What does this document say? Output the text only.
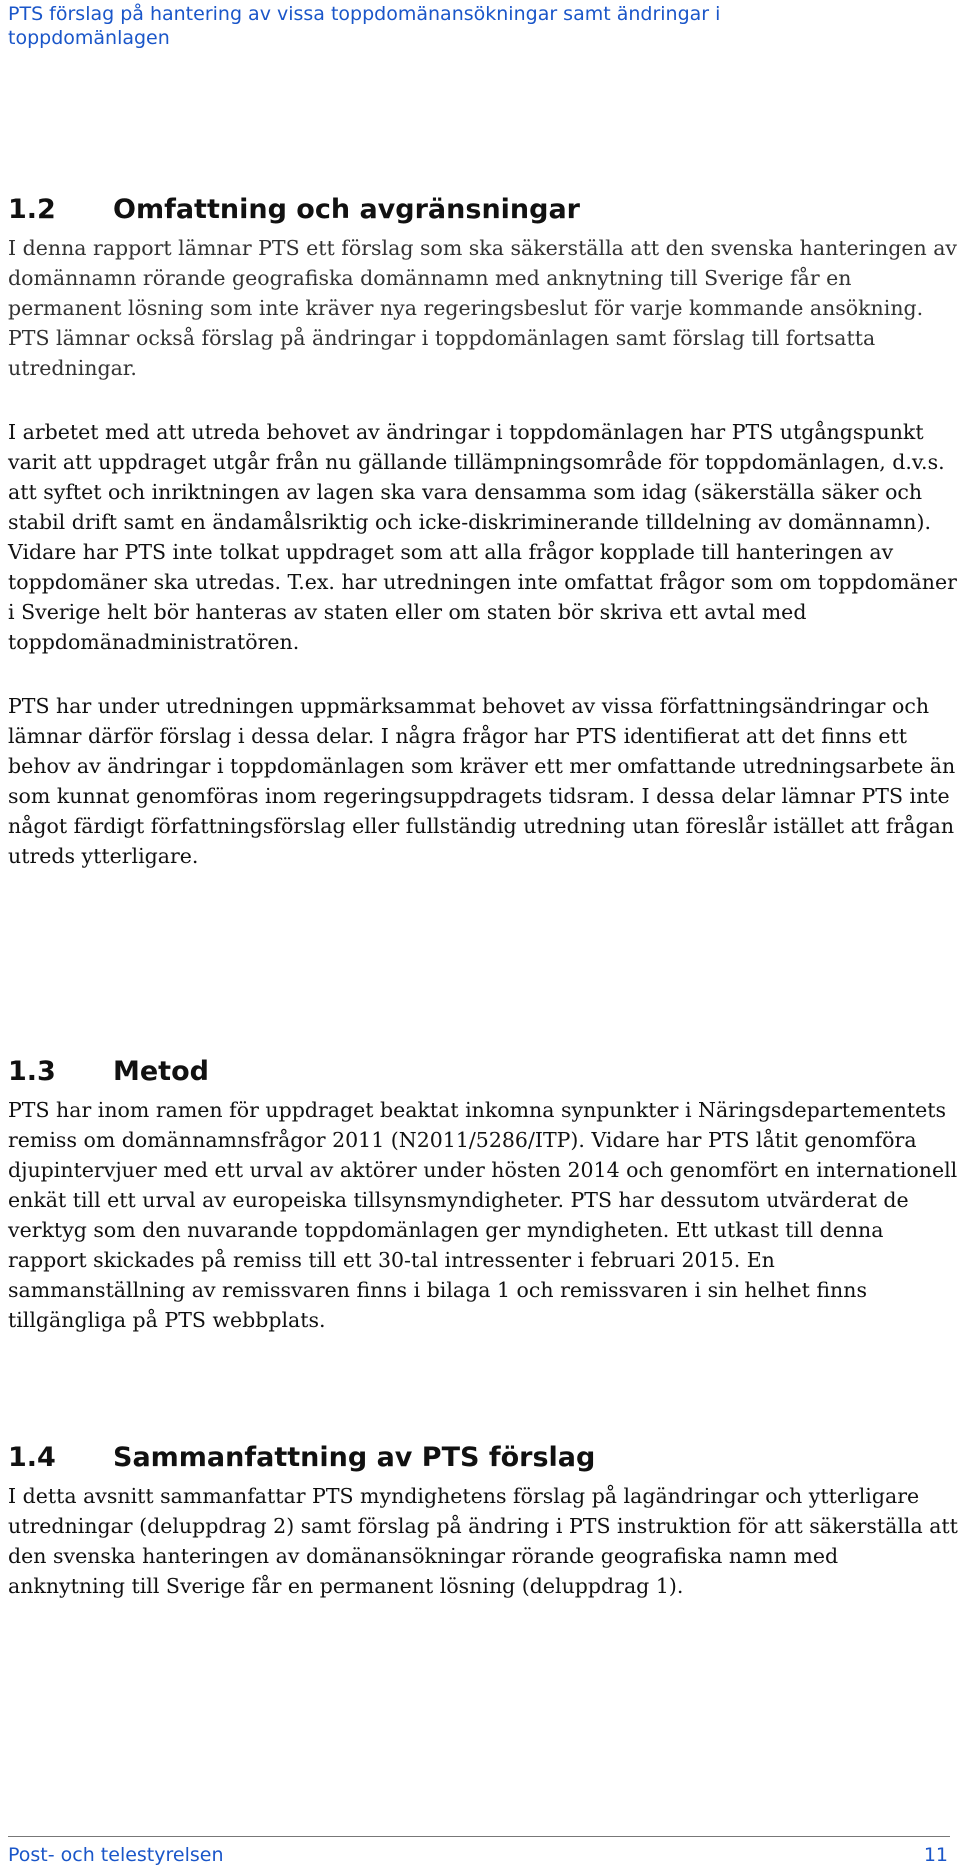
PTS förslag på hantering av vissa toppdomänansökningar samt ändringar i toppdomänlagen
1.2 Omfattning och avgränsningar

I denna rapport lämnar PTS ett förslag som ska säkerställa att den svenska hanteringen av domännamn rörande geografiska domännamn med anknytning till Sverige får en permanent lösning som inte kräver nya regeringsbeslut för varje kommande ansökning. PTS lämnar också förslag på ändringar i toppdomänlagen samt förslag till fortsatta utredningar.

I arbetet med att utreda behovet av ändringar i toppdomänlagen har PTS utgångspunkt varit att uppdraget utgår från nu gällande tillämpningsområde för toppdomänlagen, d.v.s. att syftet och inriktningen av lagen ska vara densamma som idag (säkerställa säker och stabil drift samt en ändamålsriktig och icke-diskriminerande tilldelning av domännamn). Vidare har PTS inte tolkat uppdraget som att alla frågor kopplade till hanteringen av toppdomäner ska utredas. T.ex. har utredningen inte omfattat frågor som om toppdomäner i Sverige helt bör hanteras av staten eller om staten bör skriva ett avtal med toppdomänadministratören.

PTS har under utredningen uppmärksammat behovet av vissa författningsändringar och lämnar därför förslag i dessa delar. I några frågor har PTS identifierat att det finns ett behov av ändringar i toppdomänlagen som kräver ett mer omfattande utredningsarbete än som kunnat genomföras inom regeringsuppdragets tidsram. I dessa delar lämnar PTS inte något färdigt författningsförslag eller fullständig utredning utan föreslår istället att frågan utreds ytterligare.

1.3 Metod

PTS har inom ramen för uppdraget beaktat inkomna synpunkter i Näringsdepartementets remiss om domännamnsfrågor 2011 (N2011/5286/ITP). Vidare har PTS låtit genomföra djupintervjuer med ett urval av aktörer under hösten 2014 och genomfört en internationell enkät till ett urval av europeiska tillsynsmyndigheter. PTS har dessutom utvärderat de verktyg som den nuvarande toppdomänlagen ger myndigheten. Ett utkast till denna rapport skickades på remiss till ett 30-tal intressenter i februari 2015. En sammanställning av remissvaren finns i bilaga 1 och remissvaren i sin helhet finns tillgängliga på PTS webbplats.

1.4 Sammanfattning av PTS förslag

I detta avsnitt sammanfattar PTS myndighetens förslag på lagändringar och ytterligare utredningar (deluppdrag 2) samt förslag på ändring i PTS instruktion för att säkerställa att den svenska hanteringen av domänansökningar rörande geografiska namn med anknytning till Sverige får en permanent lösning (deluppdrag 1).

Post- och telestyrelsen	11
